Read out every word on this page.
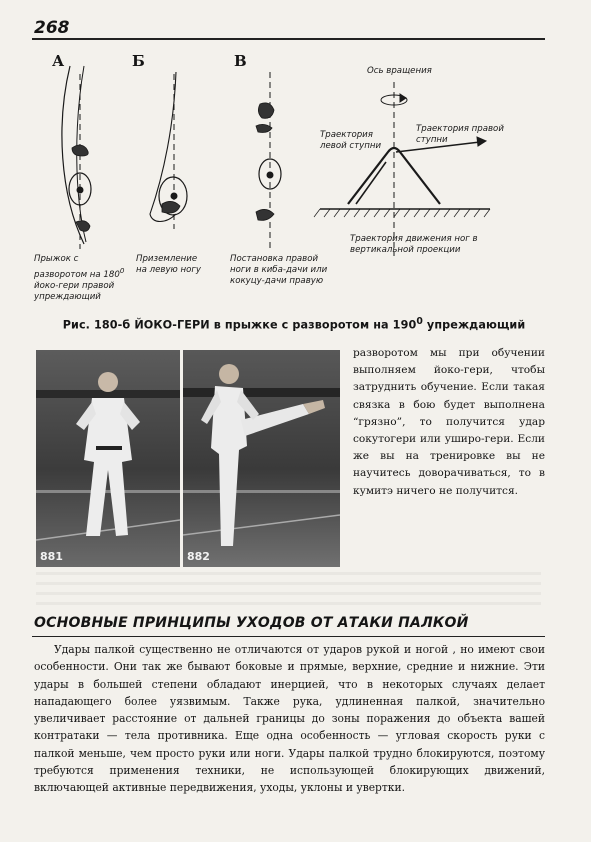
268
А	Б	В
Прыжок с
разворотом на $180^0$
йоко-гери правой
упреждающий
Приземление
на левую ногу
Постановка правой
ноги в киба-дачи или
кокуцу-дачи правую
Ось вращения
Траектория
левой ступни
Траектория правой
ступни
Траектория движения ног в
вертикальной проекции
Рис. 180-б ЙОКО-ГЕРИ в прыжке с разворотом на $190^0$ упреждающий
881	882
разворотом мы при обучении выполняем йоко-гери, чтобы затруднить обучение. Если такая связка в бою будет выполнена “грязно”, то получится удар сокутогери или уширо-гери. Если же вы на тренировке вы не научитесь доворачиваться, то в кумитэ ничего не получится.
ОСНОВНЫЕ ПРИНЦИПЫ УХОДОВ ОТ АТАКИ ПАЛКОЙ
Удары палкой существенно не отличаются от ударов рукой и ногой , но имеют свои особенности. Они так же бывают боковые и прямые, верхние, средние и нижние. Эти удары в большей степени обладают инерцией, что в некоторых случаях делает нападающего более уязвимым. Также рука, удлиненная палкой, значительно увеличивает расстояние от дальней границы до зоны поражения до объекта вашей контратаки — тела противника. Еще одна особенность — угловая скорость руки с палкой меньше, чем просто руки или ноги. Удары палкой трудно блокируются, поэтому требуются применения техники, не использующей блокирующих движений, включающей активные передвижения, уходы, уклоны и увертки.
